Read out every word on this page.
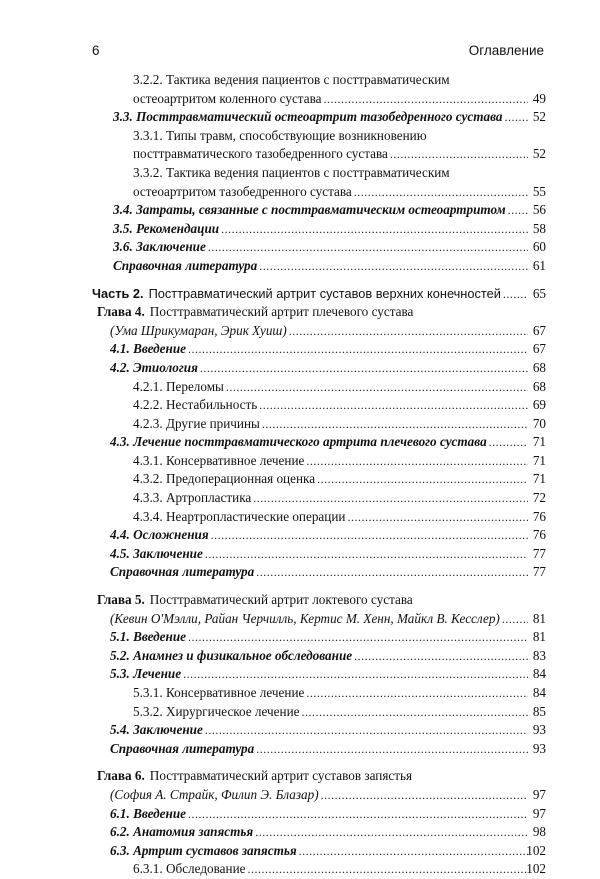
6	Оглавление
3.2.2. Тактика ведения пациентов с посттравматическим
остеоартритом коленного сустава .....	49
3.3. Посттравматический остеоартрит тазобедренного сустава .....	52
3.3.1. Типы травм, способствующие возникновению
посттравматического тазобедренного сустава .....	52
3.3.2. Тактика ведения пациентов с посттравматическим
остеоартритом тазобедренного сустава .....	55
3.4. Затраты, связанные с посттравматическим остеоартритом .....	56
3.5. Рекомендации .....	58
3.6. Заключение .....	60
Справочная литература .....	61
Часть 2. Посттравматический артрит суставов верхних конечностей .....	65
Глава 4. Посттравматический артрит плечевого сустава
(Ума Шрикумаран, Эрик Хуиш) .....	67
4.1. Введение .....	67
4.2. Этиология .....	68
4.2.1. Переломы .....	68
4.2.2. Нестабильность .....	69
4.2.3. Другие причины .....	70
4.3. Лечение посттравматического артрита плечевого сустава .....	71
4.3.1. Консервативное лечение .....	71
4.3.2. Предоперационная оценка .....	71
4.3.3. Артропластика .....	72
4.3.4. Неартропластические операции .....	76
4.4. Осложнения .....	76
4.5. Заключение .....	77
Справочная литература .....	77
Глава 5. Посттравматический артрит локтевого сустава
(Кевин О'Мэлли, Райан Черчилль, Кертис М. Хенн, Майкл В. Кесслер) .....	81
5.1. Введение .....	81
5.2. Анамнез и физикальное обследование .....	83
5.3. Лечение .....	84
5.3.1. Консервативное лечение .....	84
5.3.2. Хирургическое лечение .....	85
5.4. Заключение .....	93
Справочная литература .....	93
Глава 6. Посттравматический артрит суставов запястья
(София А. Страйк, Филип Э. Блазар) .....	97
6.1. Введение .....	97
6.2. Анатомия запястья .....	98
6.3. Артрит суставов запястья .....	102
6.3.1. Обследование .....	102
